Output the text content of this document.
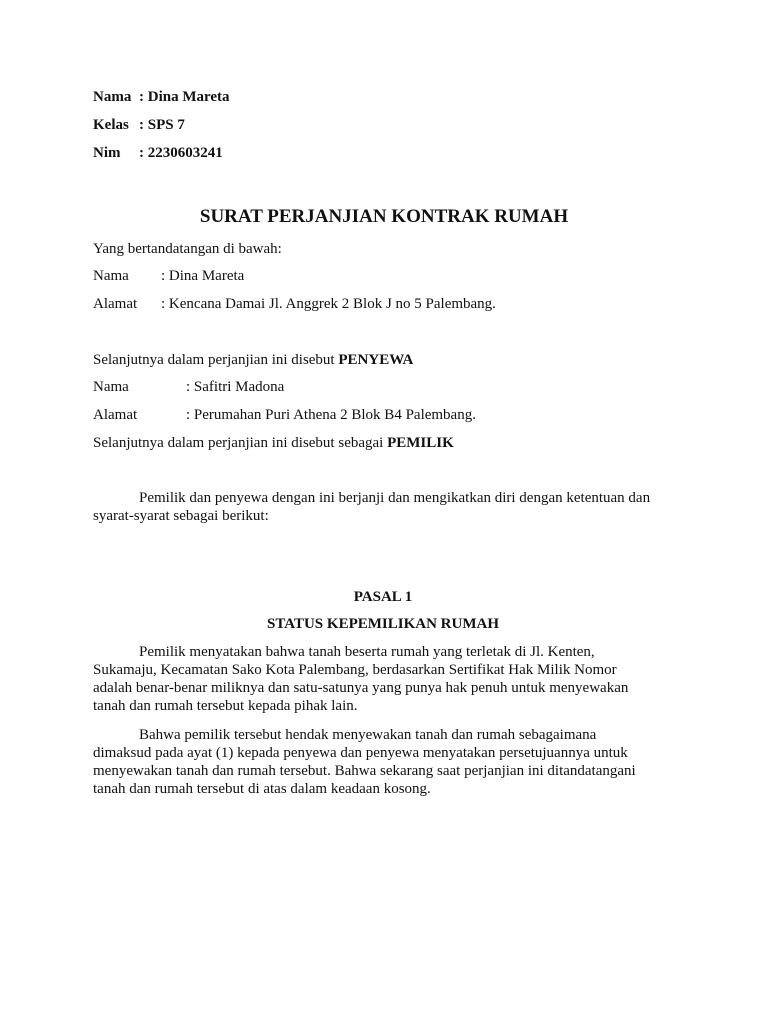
Nama : Dina Mareta
Kelas : SPS 7
Nim : 2230603241
SURAT PERJANJIAN KONTRAK RUMAH
Yang bertandatangan di bawah:
Nama : Dina Mareta
Alamat : Kencana Damai Jl. Anggrek 2 Blok J no 5 Palembang.
Selanjutnya dalam perjanjian ini disebut PENYEWA
Nama	: Safitri Madona
Alamat	: Perumahan Puri Athena 2 Blok B4 Palembang.
Selanjutnya dalam perjanjian ini disebut sebagai PEMILIK
Pemilik dan penyewa dengan ini berjanji dan mengikatkan diri dengan ketentuan dan
syarat-syarat sebagai berikut:
PASAL 1
STATUS KEPEMILIKAN RUMAH
Pemilik menyatakan bahwa tanah beserta rumah yang terletak di Jl. Kenten,
Sukamaju, Kecamatan Sako Kota Palembang, berdasarkan Sertifikat Hak Milik Nomor
adalah benar-benar miliknya dan satu-satunya yang punya hak penuh untuk menyewakan
tanah dan rumah tersebut kepada pihak lain.
Bahwa pemilik tersebut hendak menyewakan tanah dan rumah sebagaimana
dimaksud pada ayat (1) kepada penyewa dan penyewa menyatakan persetujuannya untuk
menyewakan tanah dan rumah tersebut. Bahwa sekarang saat perjanjian ini ditandatangani
tanah dan rumah tersebut di atas dalam keadaan kosong.
